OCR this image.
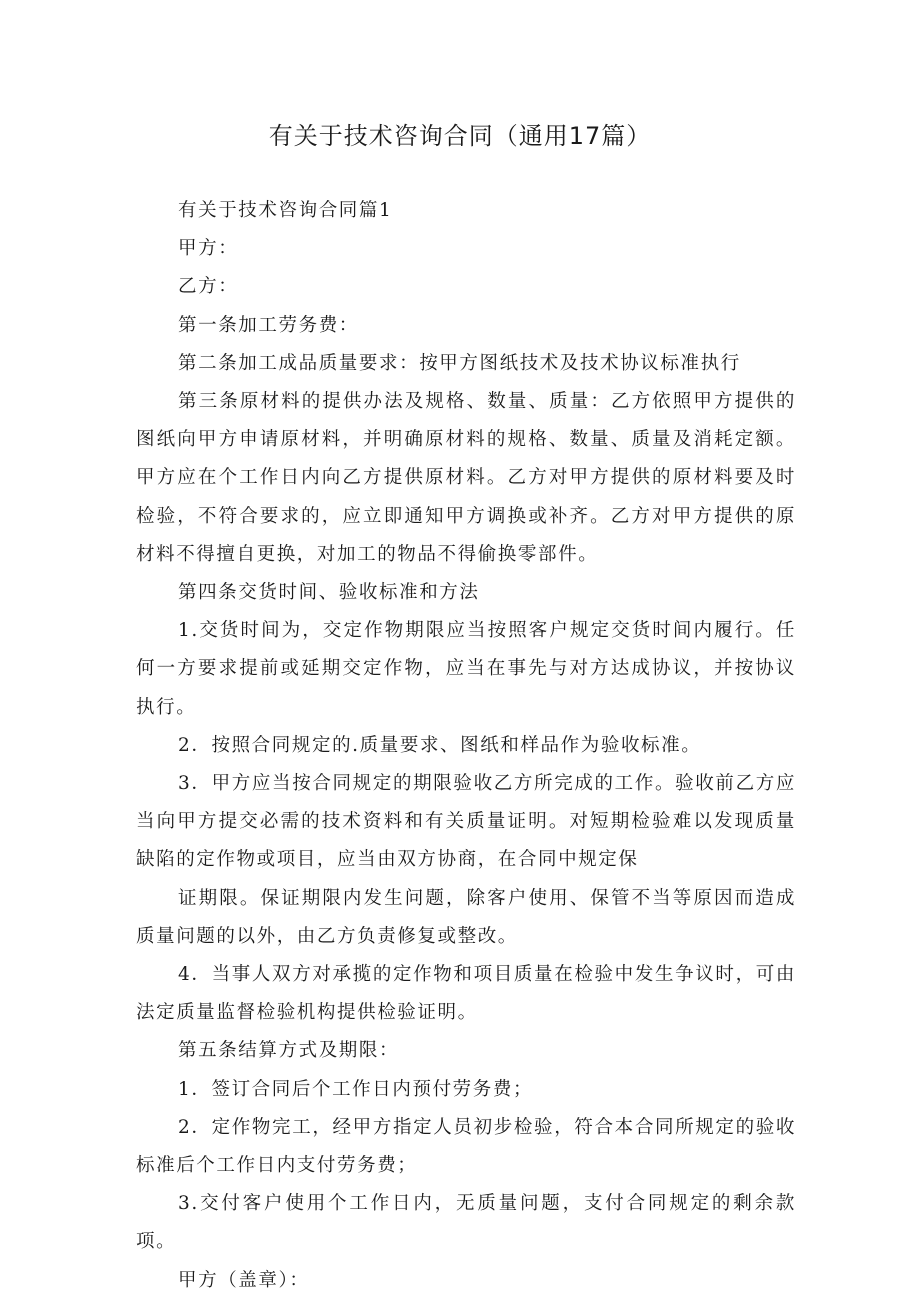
有关于技术咨询合同（通用17篇）

有关于技术咨询合同篇1

甲方：

乙方：

第一条加工劳务费：

第二条加工成品质量要求：按甲方图纸技术及技术协议标准执行

第三条原材料的提供办法及规格、数量、质量：乙方依照甲方提供的图纸向甲方申请原材料，并明确原材料的规格、数量、质量及消耗定额。甲方应在个工作日内向乙方提供原材料。乙方对甲方提供的原材料要及时检验，不符合要求的，应立即通知甲方调换或补齐。乙方对甲方提供的原材料不得擅自更换，对加工的物品不得偷换零部件。

第四条交货时间、验收标准和方法

1.交货时间为，交定作物期限应当按照客户规定交货时间内履行。任何一方要求提前或延期交定作物，应当在事先与对方达成协议，并按协议执行。

2．按照合同规定的.质量要求、图纸和样品作为验收标准。

3．甲方应当按合同规定的期限验收乙方所完成的工作。验收前乙方应当向甲方提交必需的技术资料和有关质量证明。对短期检验难以发现质量缺陷的定作物或项目，应当由双方协商，在合同中规定保

证期限。保证期限内发生问题，除客户使用、保管不当等原因而造成质量问题的以外，由乙方负责修复或整改。

4．当事人双方对承揽的定作物和项目质量在检验中发生争议时，可由法定质量监督检验机构提供检验证明。

第五条结算方式及期限：

1．签订合同后个工作日内预付劳务费；

2．定作物完工，经甲方指定人员初步检验，符合本合同所规定的验收标准后个工作日内支付劳务费；

3.交付客户使用个工作日内，无质量问题，支付合同规定的剩余款项。

甲方（盖章）：
